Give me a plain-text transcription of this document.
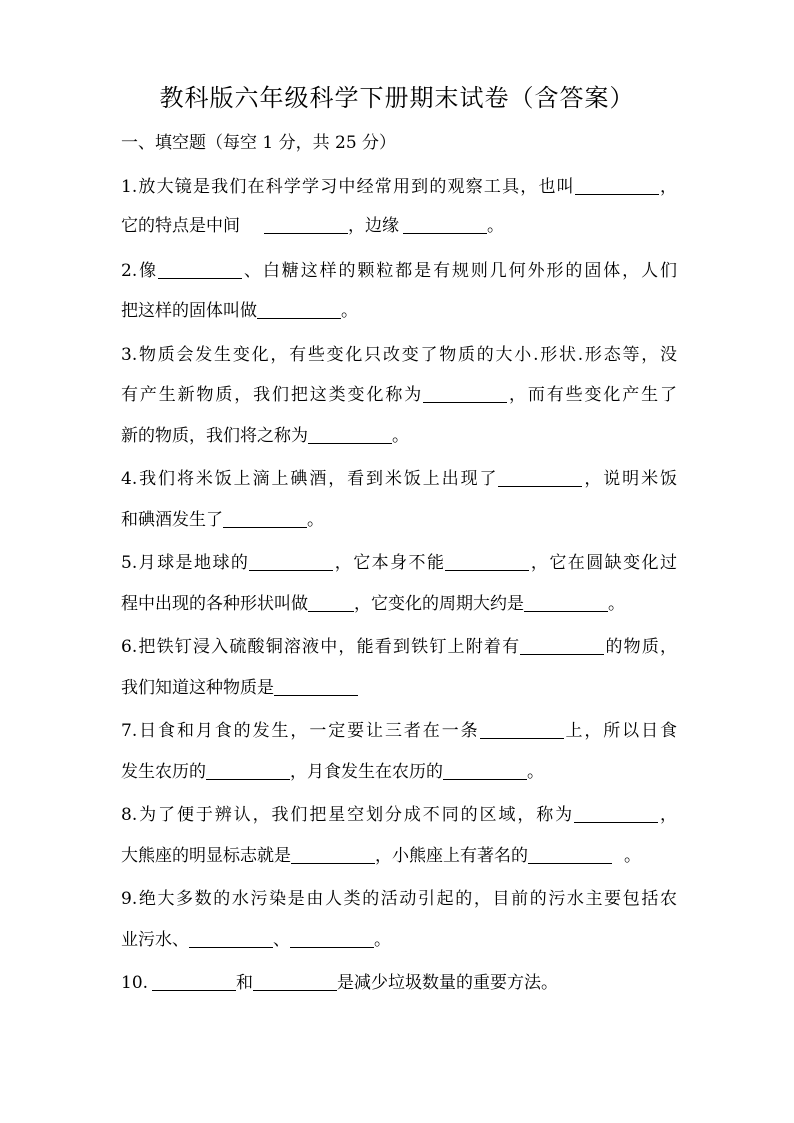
教科版六年级科学下册期末试卷（含答案）
一、填空题（每空 1 分，共 25 分）
1.放大镜是我们在科学学习中经常用到的观察工具，也叫	，
它的特点是中间	，边缘	。
2.像	、白糖这样的颗粒都是有规则几何外形的固体，人们
把这样的固体叫做	。
3.物质会发生变化，有些变化只改变了物质的大小.形状.形态等，没
有产生新物质，我们把这类变化称为	，而有些变化产生了
新的物质，我们将之称为	。
4.我们将米饭上滴上碘酒，看到米饭上出现了	，说明米饭
和碘酒发生了	。
5.月球是地球的	，它本身不能	，它在圆缺变化过
程中出现的各种形状叫做	，它变化的周期大约是	。
6.把铁钉浸入硫酸铜溶液中，能看到铁钉上附着有	的物质，
我们知道这种物质是
7.日食和月食的发生，一定要让三者在一条	上，所以日食
发生农历的	，月食发生在农历的	。
8.为了便于辨认，我们把星空划分成不同的区域，称为	，
大熊座的明显标志就是	，小熊座上有著名的	。
9.绝大多数的水污染是由人类的活动引起的，目前的污水主要包括农
业污水、	、	。
10.	和	是减少垃圾数量的重要方法。
